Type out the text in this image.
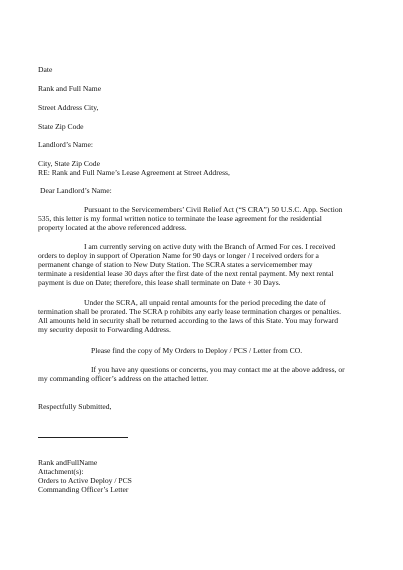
Date

Rank and Full Name

Street Address City,

State Zip Code

Landlord’s Name:

City, State Zip Code

RE: Rank and Full Name’s Lease Agreement at Street Address,

Dear Landlord’s Name:

Pursuant to the Servicemembers’ Civil Relief Act (“S CRA”) 50 U.S.C. App. Section

535, this letter is my formal written notice to terminate the lease agreement for the residential

property located at the above referenced address.

I am currently serving on active duty with the Branch of Armed For ces. I received

orders to deploy in support of Operation Name for 90 days or longer / I received orders for a

permanent change of station to New Duty Station. The SCRA states a servicemember may

terminate a residential lease 30 days after the first date of the next rental payment. My next rental

payment is due on Date; therefore, this lease shall terminate on Date + 30 Days.

Under the SCRA, all unpaid rental amounts for the period preceding the date of

termination shall be prorated. The SCRA p rohibits any early lease termination charges or penalties.

All amounts held in security shall be returned according to the laws of this State. You may forward

my security deposit to Forwarding Address.

Please find the copy of My Orders to Deploy / PCS / Letter from CO.

If you have any questions or concerns, you may contact me at the above address, or

my commanding officer’s address on the attached letter.

Respectfully Submitted,

Rank andFullName

Attachment(s):

Orders to Active Deploy / PCS

Commanding Officer’s Letter
